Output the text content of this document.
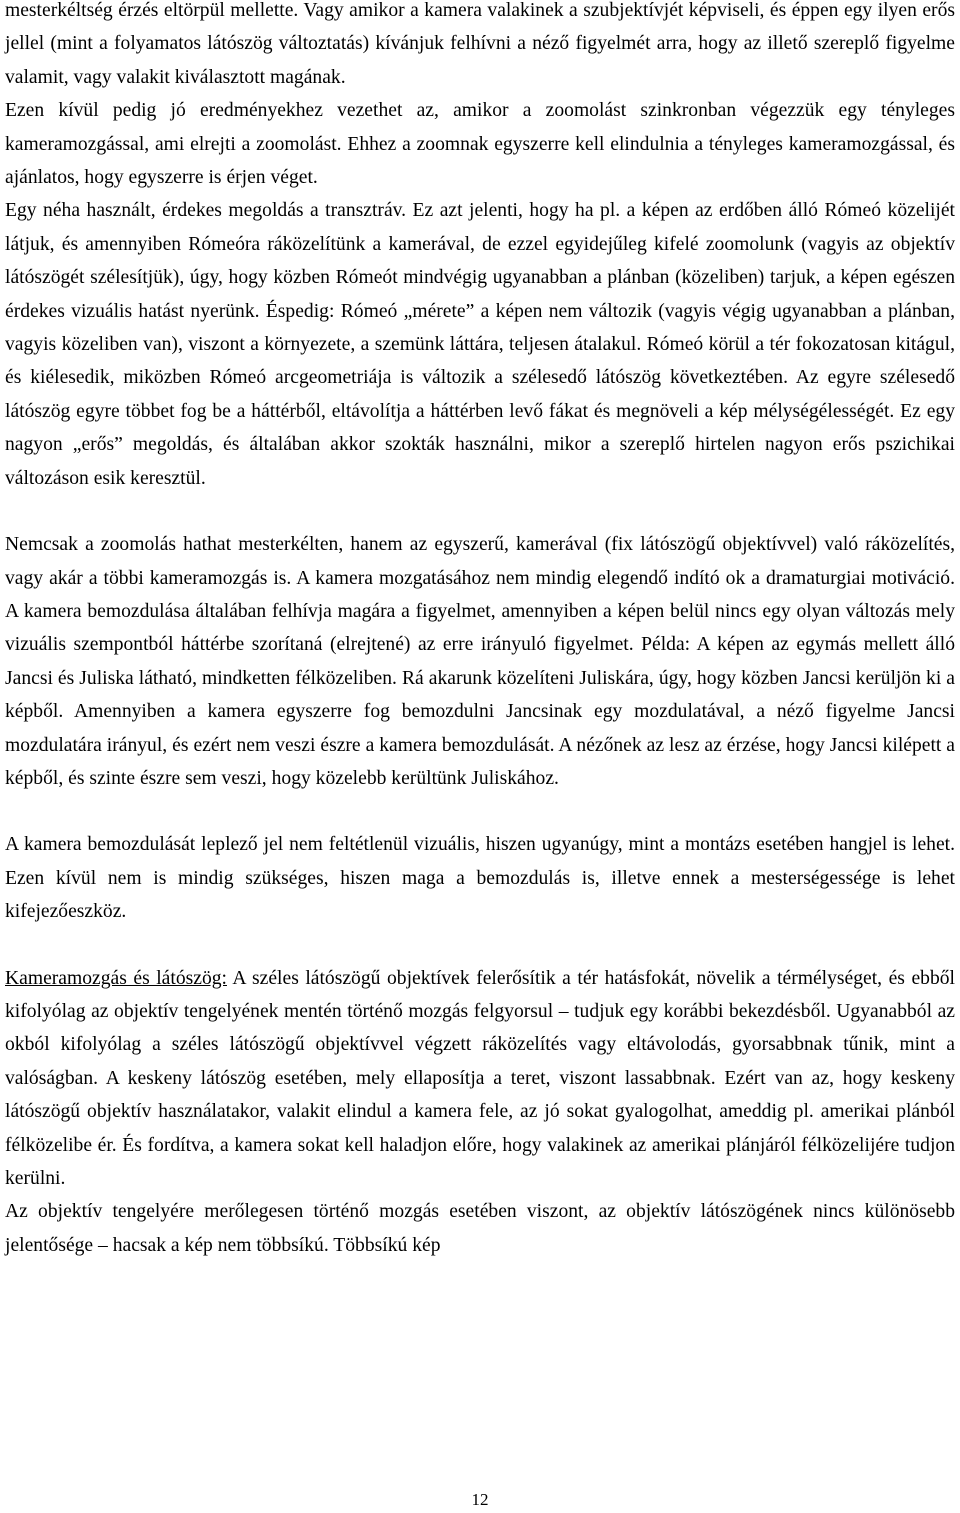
mesterkéltség érzés eltörpül mellette. Vagy amikor a kamera valakinek a szubjektívjét képviseli, és éppen egy ilyen erős jellel (mint a folyamatos látószög változtatás) kívánjuk felhívni a néző figyelmét arra, hogy az illető szereplő figyelme valamit, vagy valakit kiválasztott magának.

Ezen kívül pedig jó eredményekhez vezethet az, amikor a zoomolást szinkronban végezzük egy tényleges kameramozgással, ami elrejti a zoomolást. Ehhez a zoomnak egyszerre kell elindulnia a tényleges kameramozgással, és ajánlatos, hogy egyszerre is érjen véget.

Egy néha használt, érdekes megoldás a transztráv. Ez azt jelenti, hogy ha pl. a képen az erdőben álló Rómeó közelijét látjuk, és amennyiben Rómeóra ráközelítünk a kamerával, de ezzel egyidejűleg kifelé zoomolunk (vagyis az objektív látószögét szélesítjük), úgy, hogy közben Rómeót mindvégig ugyanabban a plánban (közeliben) tarjuk, a képen egészen érdekes vizuális hatást nyerünk. Éspedig: Rómeó „mérete” a képen nem változik (vagyis végig ugyanabban a plánban, vagyis közeliben van), viszont a környezete, a szemünk láttára, teljesen átalakul. Rómeó körül a tér fokozatosan kitágul, és kiélesedik, miközben Rómeó arcgeometriája is változik a szélesedő látószög következtében. Az egyre szélesedő látószög egyre többet fog be a háttérből, eltávolítja a háttérben levő fákat és megnöveli a kép mélységélességét. Ez egy nagyon „erős” megoldás, és általában akkor szokták használni, mikor a szereplő hirtelen nagyon erős pszichikai változáson esik keresztül.

Nemcsak a zoomolás hathat mesterkélten, hanem az egyszerű, kamerával (fix látószögű objektívvel) való ráközelítés, vagy akár a többi kameramozgás is. A kamera mozgatásához nem mindig elegendő indító ok a dramaturgiai motiváció. A kamera bemozdulása általában felhívja magára a figyelmet, amennyiben a képen belül nincs egy olyan változás mely vizuális szempontból háttérbe szorítaná (elrejtené) az erre irányuló figyelmet. Példa: A képen az egymás mellett álló Jancsi és Juliska látható, mindketten félközeliben. Rá akarunk közelíteni Juliskára, úgy, hogy közben Jancsi kerüljön ki a képből. Amennyiben a kamera egyszerre fog bemozdulni Jancsinak egy mozdulatával, a néző figyelme Jancsi mozdulatára irányul, és ezért nem veszi észre a kamera bemozdulását. A nézőnek az lesz az érzése, hogy Jancsi kilépett a képből, és szinte észre sem veszi, hogy közelebb kerültünk Juliskához.

A kamera bemozdulását leplező jel nem feltétlenül vizuális, hiszen ugyanúgy, mint a montázs esetében hangjel is lehet. Ezen kívül nem is mindig szükséges, hiszen maga a bemozdulás is, illetve ennek a mesterségessége is lehet kifejezőeszköz.

Kameramozgás és látószög: A széles látószögű objektívek felerősítik a tér hatásfokát, növelik a térmélységet, és ebből kifolyólag az objektív tengelyének mentén történő mozgás felgyorsul – tudjuk egy korábbi bekezdésből. Ugyanabból az okból kifolyólag a széles látószögű objektívvel végzett ráközelítés vagy eltávolodás, gyorsabbnak tűnik, mint a valóságban. A keskeny látószög esetében, mely ellaposítja a teret, viszont lassabbnak. Ezért van az, hogy keskeny látószögű objektív használatakor, valakit elindul a kamera fele, az jó sokat gyalogolhat, ameddig pl. amerikai plánból félközelibe ér. És fordítva, a kamera sokat kell haladjon előre, hogy valakinek az amerikai plánjáról félközelijére tudjon kerülni.

Az objektív tengelyére merőlegesen történő mozgás esetében viszont, az objektív látószögének nincs különösebb jelentősége – hacsak a kép nem többsíkú. Többsíkú kép

12
